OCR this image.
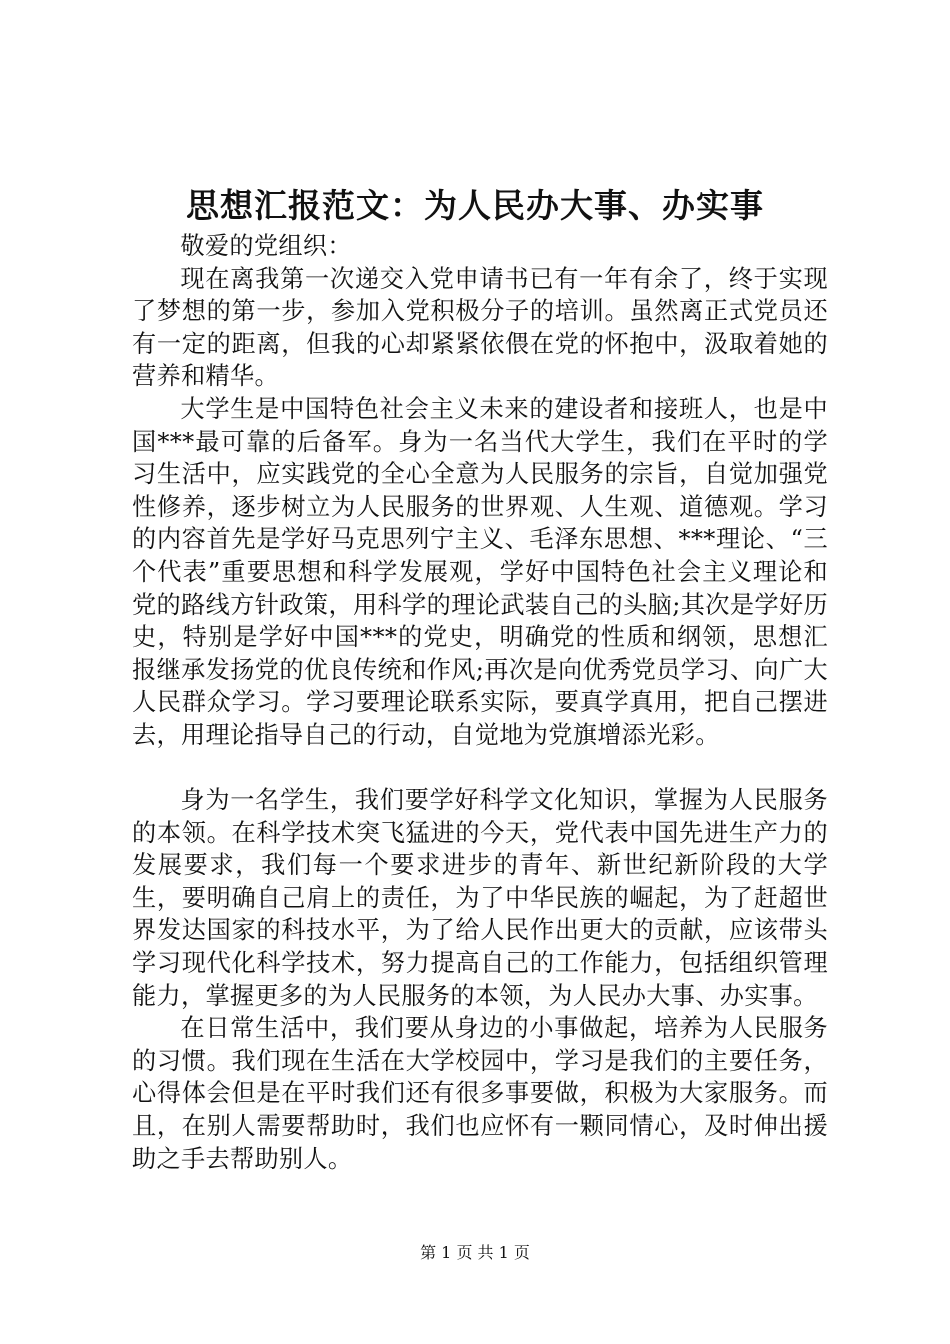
思想汇报范文：为人民办大事、办实事

敬爱的党组织：

现在离我第一次递交入党申请书已有一年有余了，终于实现了梦想的第一步，参加入党积极分子的培训。虽然离正式党员还有一定的距离，但我的心却紧紧依偎在党的怀抱中，汲取着她的营养和精华。

大学生是中国特色社会主义未来的建设者和接班人，也是中国***最可靠的后备军。身为一名当代大学生，我们在平时的学习生活中，应实践党的全心全意为人民服务的宗旨，自觉加强党性修养，逐步树立为人民服务的世界观、人生观、道德观。学习的内容首先是学好马克思列宁主义、毛泽东思想、***理论、“三个代表”重要思想和科学发展观，学好中国特色社会主义理论和党的路线方针政策，用科学的理论武装自己的头脑;其次是学好历史，特别是学好中国***的党史，明确党的性质和纲领，思想汇报继承发扬党的优良传统和作风;再次是向优秀党员学习、向广大人民群众学习。学习要理论联系实际，要真学真用，把自己摆进去，用理论指导自己的行动，自觉地为党旗增添光彩。

身为一名学生，我们要学好科学文化知识，掌握为人民服务的本领。在科学技术突飞猛进的今天，党代表中国先进生产力的发展要求，我们每一个要求进步的青年、新世纪新阶段的大学生，要明确自己肩上的责任，为了中华民族的崛起，为了赶超世界发达国家的科技水平，为了给人民作出更大的贡献，应该带头学习现代化科学技术，努力提高自己的工作能力，包括组织管理能力，掌握更多的为人民服务的本领，为人民办大事、办实事。

在日常生活中，我们要从身边的小事做起，培养为人民服务的习惯。我们现在生活在大学校园中，学习是我们的主要任务，心得体会但是在平时我们还有很多事要做，积极为大家服务。而且，在别人需要帮助时，我们也应怀有一颗同情心，及时伸出援助之手去帮助别人。

第 1 页 共 1 页
